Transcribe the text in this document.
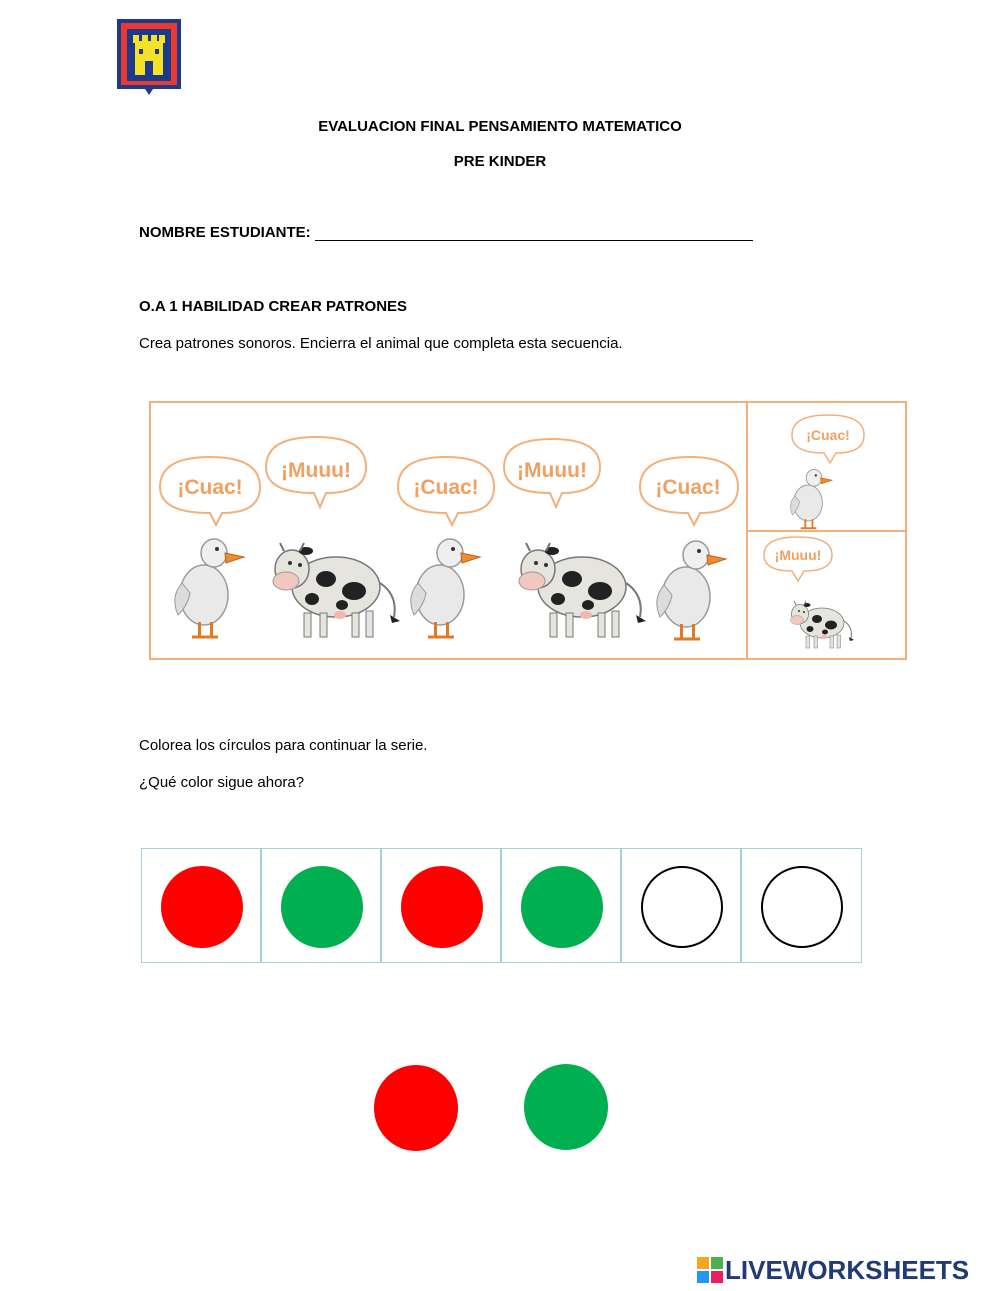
EVALUACION FINAL PENSAMIENTO MATEMATICO
PRE KINDER
NOMBRE ESTUDIANTE:
O.A 1 HABILIDAD CREAR PATRONES
Crea patrones sonoros. Encierra el animal que completa esta secuencia.
¡Cuac!
¡Muuu!
¡Cuac!
¡Muuu!
¡Cuac!
¡Cuac!
¡Muuu!
Colorea los círculos para continuar la serie.
¿Qué color sigue ahora?
LIVEWORKSHEETS
